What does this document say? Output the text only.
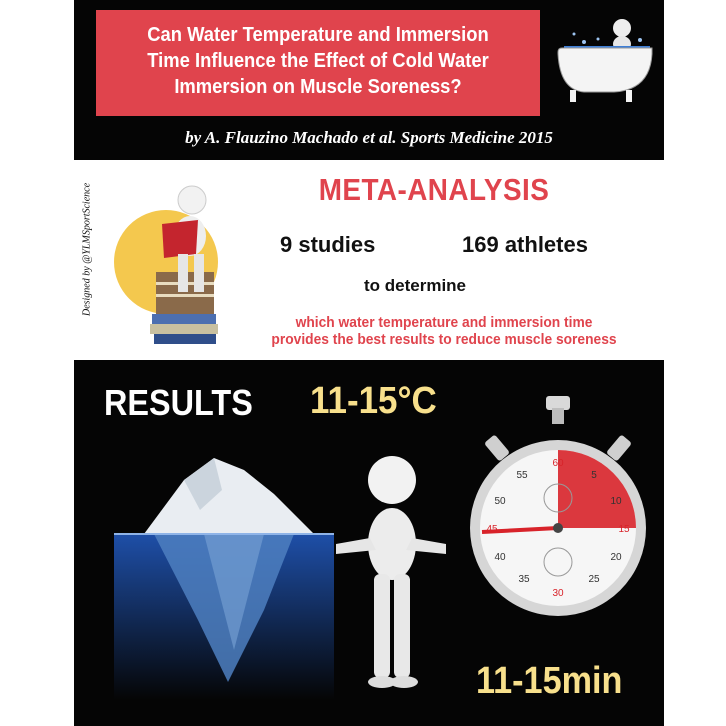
Can Water Temperature and Immersion
Time Influence the Effect of Cold Water
Immersion on Muscle Soreness?
by A. Flauzino Machado et al. Sports Medicine 2015
Designed by @YLMSportScience	META-ANALYSIS
9 studies	169 athletes
to determine
which water temperature and immersion time
provides the best results to reduce muscle soreness
RESULTS 11-15°C
60
5
10
15
20
25
30
35
40
45
50
55
11-15min
